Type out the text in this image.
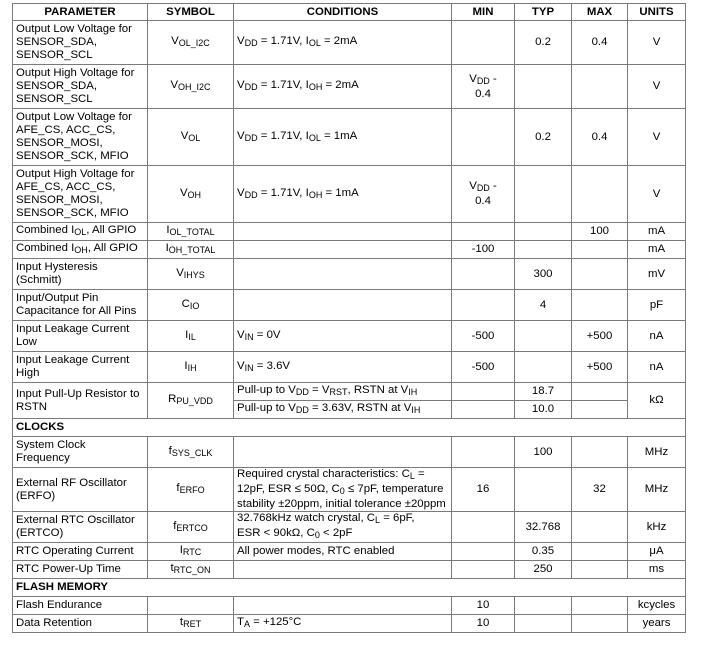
PARAMETER	SYMBOL	CONDITIONS	MIN	TYP	MAX	UNITS
Output Low Voltage for
SENSOR_SDA,
SENSOR_SCL	$V_{OL\_I2C}$	$V_{DD} = 1.71V$, $I_{OL} = 2mA$		0.2	0.4	V
Output High Voltage for
SENSOR_SDA,
SENSOR_SCL	$V_{OH\_I2C}$	$V_{DD} = 1.71V$, $I_{OH} = 2mA$	$V_{DD}$ -
0.4			V
Output Low Voltage for
AFE_CS, ACC_CS,
SENSOR_MOSI,
SENSOR_SCK, MFIO	$V_{OL}$	$V_{DD} = 1.71V$, $I_{OL} = 1mA$		0.2	0.4	V
Output High Voltage for
AFE_CS, ACC_CS,
SENSOR_MOSI,
SENSOR_SCK, MFIO	$V_{OH}$	$V_{DD} = 1.71V$, $I_{OH} = 1mA$	$V_{DD}$ -
0.4			V
Combined $I_{OL}$, All GPIO	$I_{OL\_TOTAL}$				100	mA
Combined $I_{OH}$, All GPIO	$I_{OH\_TOTAL}$		-100			mA
Input Hysteresis
(Schmitt)	$V_{IHYS}$			300		mV
Input/Output Pin
Capacitance for All Pins	$C_{IO}$			4		pF
Input Leakage Current
Low	$I_{IL}$	$V_{IN} = 0V$	-500		+500	nA
Input Leakage Current
High	$I_{IH}$	$V_{IN} = 3.6V$	-500		+500	nA
Input Pull-Up Resistor to
RSTN	$R_{PU\_VDD}$	Pull-up to $V_{DD} = V_{RST}$, RSTN at $V_{IH}$		18.7		kΩ
		Pull-up to $V_{DD} = 3.63V$, RSTN at $V_{IH}$		10.0		
CLOCKS						
System Clock
Frequency	$f_{SYS\_CLK}$			100		MHz
External RF Oscillator
(ERFO)	$f_{ERFO}$	Required crystal characteristics: $C_L$ =
12pF, ESR ≤ 50Ω, $C_0 \le 7pF$, temperature
stability ±20ppm, initial tolerance ±20ppm	16		32	MHz
External RTC Oscillator
(ERTCO)	$f_{ERTCO}$	32.768kHz watch crystal, $C_L = 6pF$,
ESR < 90kΩ, $C_0 < 2pF$		32.768		kHz
RTC Operating Current	$I_{RTC}$	All power modes, RTC enabled		0.35		μA
RTC Power-Up Time	$t_{RTC\_ON}$			250		ms
FLASH MEMORY						
Flash Endurance			10			kcycles
Data Retention	$t_{RET}$	$T_A = +125^\circ C$	10			years
